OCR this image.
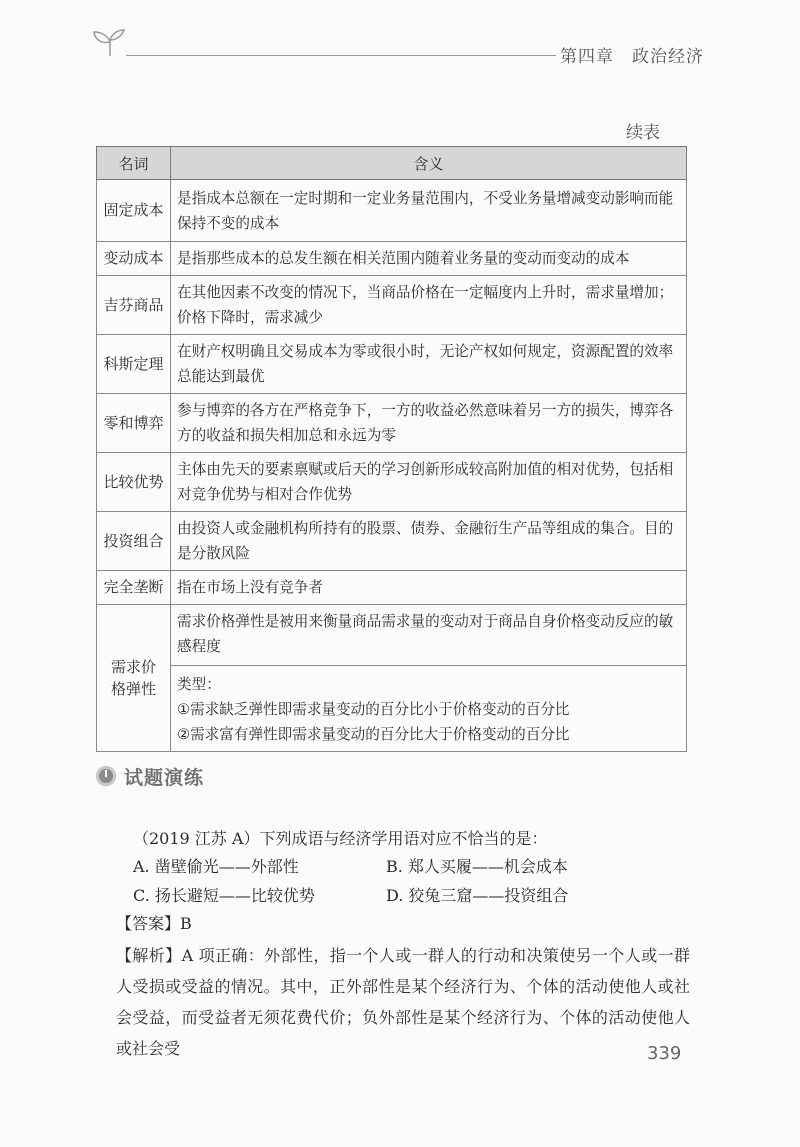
第四章 政治经济
续表
名词	含义
固定成本	是指成本总额在一定时期和一定业务量范围内，不受业务量增减变动影响而能保持不变的成本
变动成本	是指那些成本的总发生额在相关范围内随着业务量的变动而变动的成本
吉芬商品	在其他因素不改变的情况下，当商品价格在一定幅度内上升时，需求量增加；价格下降时，需求减少
科斯定理	在财产权明确且交易成本为零或很小时，无论产权如何规定，资源配置的效率总能达到最优
零和博弈	参与博弈的各方在严格竞争下，一方的收益必然意味着另一方的损失，博弈各方的收益和损失相加总和永远为零
比较优势	主体由先天的要素禀赋或后天的学习创新形成较高附加值的相对优势，包括相对竞争优势与相对合作优势
投资组合	由投资人或金融机构所持有的股票、债券、金融衍生产品等组成的集合。目的是分散风险
完全垄断	指在市场上没有竞争者

需求价格弹性	需求价格弹性是被用来衡量商品需求量的变动对于商品自身价格变动反应的敏感程度
类型：
①需求缺乏弹性即需求量变动的百分比小于价格变动的百分比
②需求富有弹性即需求量变动的百分比大于价格变动的百分比
试题演练
（2019 江苏 A）下列成语与经济学用语对应不恰当的是：
A. 凿壁偷光——外部性	B. 郑人买履——机会成本
C. 扬长避短——比较优势	D. 狡兔三窟——投资组合
【答案】B
【解析】A 项正确：外部性，指一个人或一群人的行动和决策使另一个人或一群人受损或受益的情况。其中，正外部性是某个经济行为、个体的活动使他人或社会受益，而受益者无须花费代价；负外部性是某个经济行为、个体的活动使他人或社会受	339
